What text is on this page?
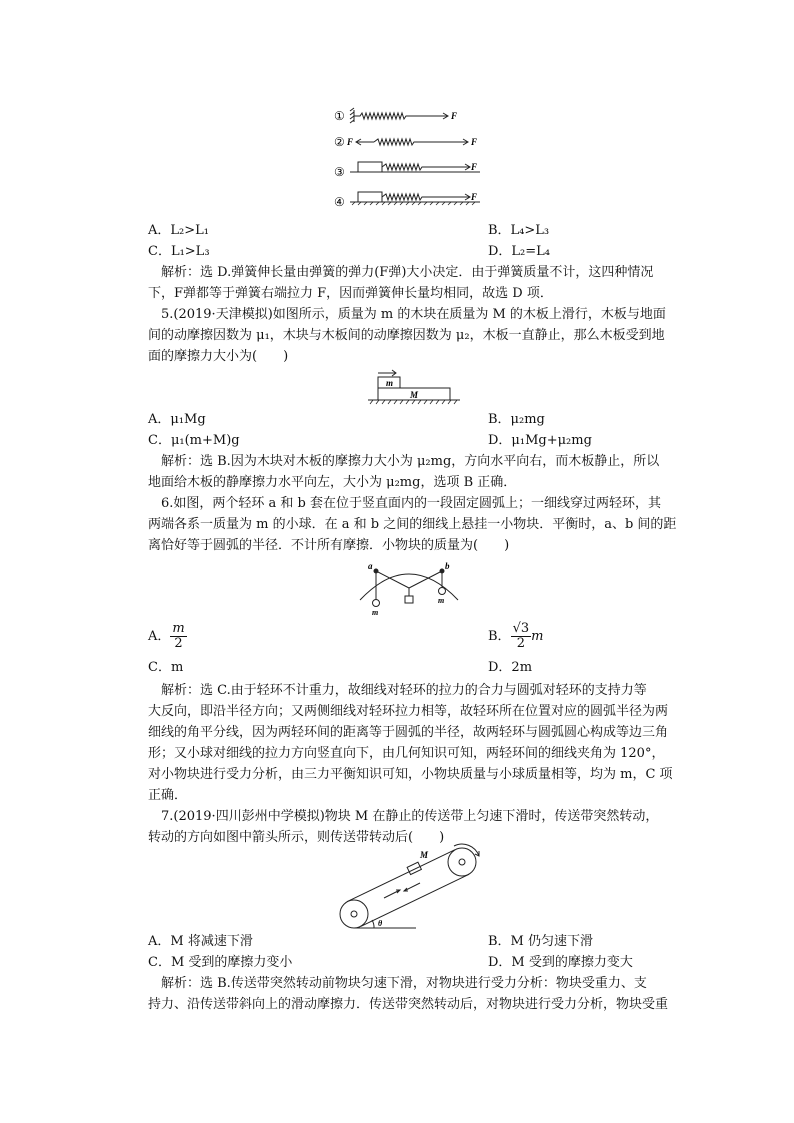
①
②
③
④
F
F	F
F
F
A．L₂>L₁	B．L₄>L₃
C．L₁>L₃	D．L₂=L₄
解析：选 D.弹簧伸长量由弹簧的弹力(F弹)大小决定．由于弹簧质量不计，这四种情况
下，F弹都等于弹簧右端拉力 F，因而弹簧伸长量均相同，故选 D 项．
5.(2019·天津模拟)如图所示，质量为 m 的木块在质量为 M 的木板上滑行，木板与地面
间的动摩擦因数为 μ₁，木块与木板间的动摩擦因数为 μ₂，木板一直静止，那么木板受到地
面的摩擦力大小为(　　)
m
M
A．μ₁Mg	B．μ₂mg
C．μ₁(m+M)g	D．μ₁Mg+μ₂mg
解析：选 B.因为木块对木板的摩擦力大小为 μ₂mg，方向水平向右，而木板静止，所以
地面给木板的静摩擦力水平向左，大小为 μ₂mg，选项 B 正确．
6.如图，两个轻环 a 和 b 套在位于竖直面内的一段固定圆弧上；一细线穿过两轻环，其
两端各系一质量为 m 的小球．在 a 和 b 之间的细线上悬挂一小物块．平衡时，a、b 间的距
离恰好等于圆弧的半径．不计所有摩擦．小物块的质量为(　　)
a	b
m
m
A． $\frac{m}{2}$	B． $\frac{√3}{2}$ m
C．m	D．2m
解析：选 C.由于轻环不计重力，故细线对轻环的拉力的合力与圆弧对轻环的支持力等
大反向，即沿半径方向；又两侧细线对轻环拉力相等，故轻环所在位置对应的圆弧半径为两
细线的角平分线，因为两轻环间的距离等于圆弧的半径，故两轻环与圆弧圆心构成等边三角
形；又小球对细线的拉力方向竖直向下，由几何知识可知，两轻环间的细线夹角为 120°，
对小物块进行受力分析，由三力平衡知识可知，小物块质量与小球质量相等，均为 m，C 项
正确．
7.(2019·四川彭州中学模拟)物块 M 在静止的传送带上匀速下滑时，传送带突然转动，
转动的方向如图中箭头所示，则传送带转动后(　　)
M
θ
A．M 将减速下滑	B．M 仍匀速下滑
C．M 受到的摩擦力变小	D．M 受到的摩擦力变大
解析：选 B.传送带突然转动前物块匀速下滑，对物块进行受力分析：物块受重力、支
持力、沿传送带斜向上的滑动摩擦力．传送带突然转动后，对物块进行受力分析，物块受重
